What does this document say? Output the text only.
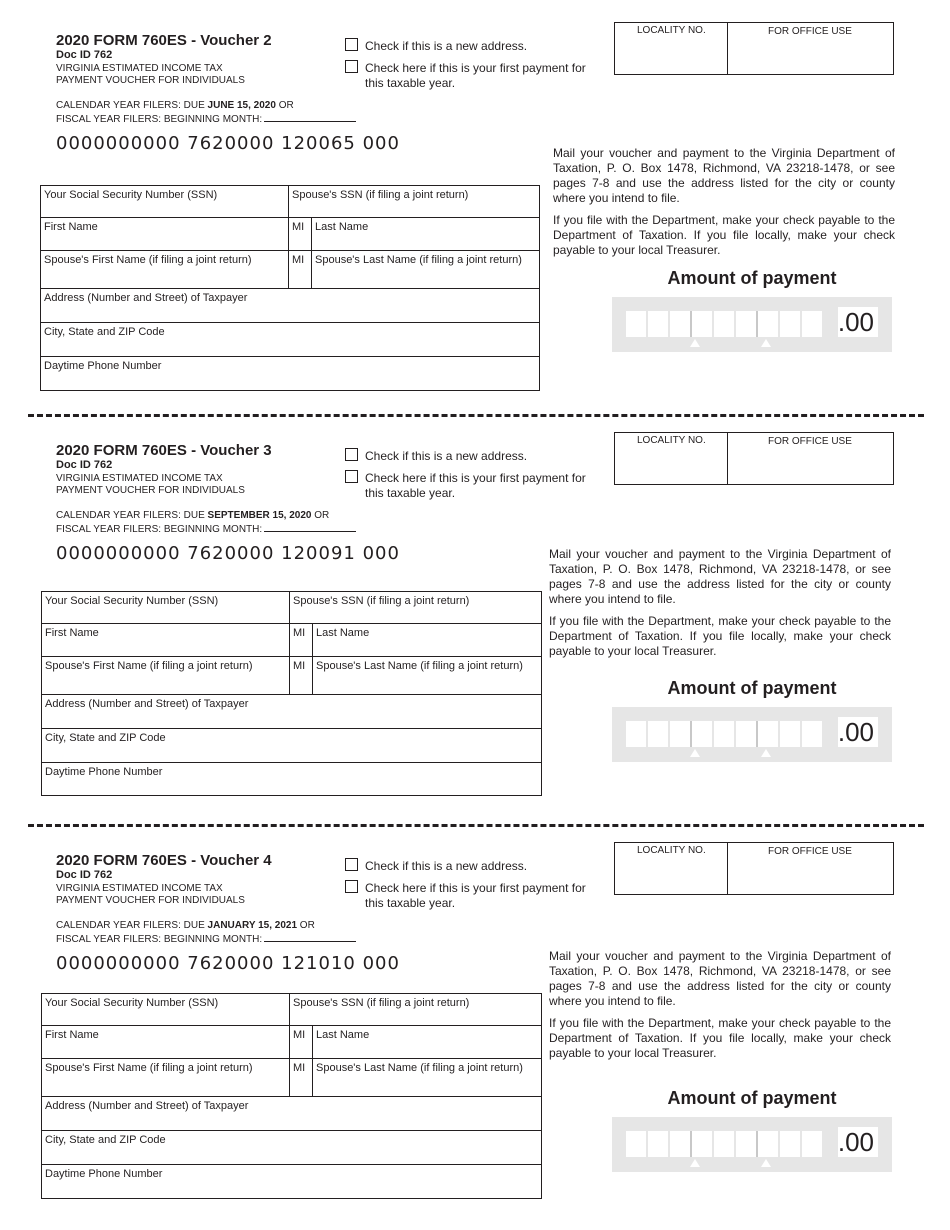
2020 FORM 760ES - Voucher 2
Doc ID 762
VIRGINIA ESTIMATED INCOME TAX
PAYMENT VOUCHER FOR INDIVIDUALS
CALENDAR YEAR FILERS: DUE JUNE 15, 2020 OR
FISCAL YEAR FILERS: BEGINNING MONTH:
0000000000 7620000 120065 000
Check if this is a new address.
Check here if this is your first payment for this taxable year.
LOCALITY NO.	FOR OFFICE USE

Mail your voucher and payment to the Virginia Department of Taxation, P. O. Box 1478, Richmond, VA 23218-1478, or see pages 7-8 and use the address listed for the city or county where you intend to file.

If you file with the Department, make your check payable to the Department of Taxation. If you file locally, make your check payable to your local Treasurer.

Amount of payment
.00
Your Social Security Number (SSN)	Spouse's SSN (if filing a joint return)
First Name	MI Last Name
Spouse's First Name (if filing a joint return)	MI Spouse's Last Name (if filing a joint return)
Address (Number and Street) of Taxpayer
City, State and ZIP Code
Daytime Phone Number
2020 FORM 760ES - Voucher 3
Doc ID 762
VIRGINIA ESTIMATED INCOME TAX
PAYMENT VOUCHER FOR INDIVIDUALS
CALENDAR YEAR FILERS: DUE SEPTEMBER 15, 2020 OR
FISCAL YEAR FILERS: BEGINNING MONTH:
0000000000 7620000 120091 000
Check if this is a new address.
Check here if this is your first payment for this taxable year.
LOCALITY NO.	FOR OFFICE USE

Mail your voucher and payment to the Virginia Department of Taxation, P. O. Box 1478, Richmond, VA 23218-1478, or see pages 7-8 and use the address listed for the city or county where you intend to file.

If you file with the Department, make your check payable to the Department of Taxation. If you file locally, make your check payable to your local Treasurer.

Amount of payment
.00
Your Social Security Number (SSN)	Spouse's SSN (if filing a joint return)
First Name	MI Last Name
Spouse's First Name (if filing a joint return)	MI Spouse's Last Name (if filing a joint return)
Address (Number and Street) of Taxpayer
City, State and ZIP Code
Daytime Phone Number
2020 FORM 760ES - Voucher 4
Doc ID 762
VIRGINIA ESTIMATED INCOME TAX
PAYMENT VOUCHER FOR INDIVIDUALS
CALENDAR YEAR FILERS: DUE JANUARY 15, 2021 OR
FISCAL YEAR FILERS: BEGINNING MONTH:
0000000000 7620000 121010 000
Check if this is a new address.
Check here if this is your first payment for this taxable year.
LOCALITY NO.	FOR OFFICE USE

Mail your voucher and payment to the Virginia Department of Taxation, P. O. Box 1478, Richmond, VA 23218-1478, or see pages 7-8 and use the address listed for the city or county where you intend to file.

If you file with the Department, make your check payable to the Department of Taxation. If you file locally, make your check payable to your local Treasurer.

Amount of payment
.00
Your Social Security Number (SSN)	Spouse's SSN (if filing a joint return)
First Name	MI Last Name
Spouse's First Name (if filing a joint return)	MI Spouse's Last Name (if filing a joint return)
Address (Number and Street) of Taxpayer
City, State and ZIP Code
Daytime Phone Number
